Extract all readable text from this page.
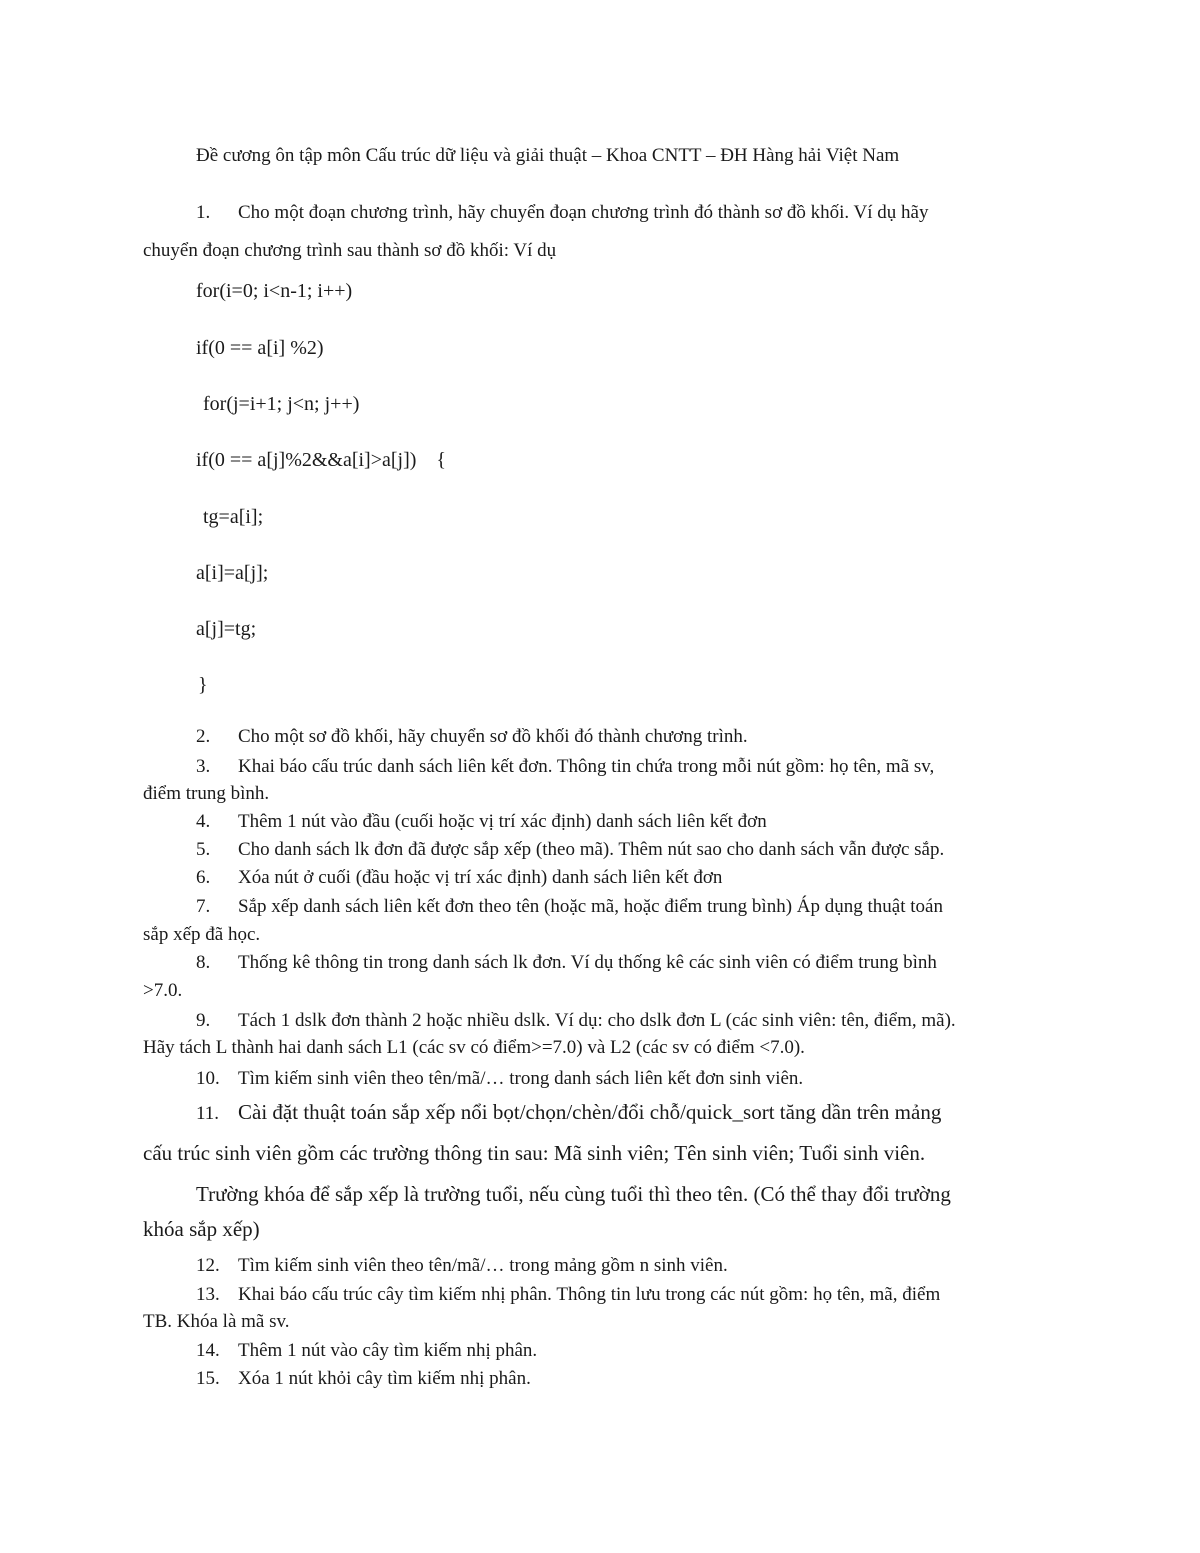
Đề cương ôn tập môn Cấu trúc dữ liệu và giải thuật – Khoa CNTT – ĐH Hàng hải Việt Nam
1. Cho một đoạn chương trình, hãy chuyển đoạn chương trình đó thành sơ đồ khối. Ví dụ hãy
chuyển đoạn chương trình sau thành sơ đồ khối: Ví dụ
for(i=0; i<n-1; i++)
if(0 == a[i] %2)
for(j=i+1; j<n; j++)
if(0 == a[j]%2&&a[i]>a[j])    {
tg=a[i];
a[i]=a[j];
a[j]=tg;
}
2. Cho một sơ đồ khối, hãy chuyển sơ đồ khối đó thành chương trình.
3. Khai báo cấu trúc danh sách liên kết đơn. Thông tin chứa trong mỗi nút gồm: họ tên, mã sv,
điểm trung bình.
4. Thêm 1 nút vào đầu (cuối hoặc vị trí xác định) danh sách liên kết đơn
5. Cho danh sách lk đơn đã được sắp xếp (theo mã). Thêm nút sao cho danh sách vẫn được sắp.
6. Xóa nút ở cuối (đầu hoặc vị trí xác định) danh sách liên kết đơn
7. Sắp xếp danh sách liên kết đơn theo tên (hoặc mã, hoặc điểm trung bình) Áp dụng thuật toán
sắp xếp đã học.
8. Thống kê thông tin trong danh sách lk đơn. Ví dụ thống kê các sinh viên có điểm trung bình
>7.0.
9. Tách 1 dslk đơn thành 2 hoặc nhiều dslk. Ví dụ: cho dslk đơn L (các sinh viên: tên, điểm, mã).
Hãy tách L thành hai danh sách L1 (các sv có điểm>=7.0) và L2 (các sv có điểm <7.0).
10. Tìm kiếm sinh viên theo tên/mã/… trong danh sách liên kết đơn sinh viên.
11. Cài đặt thuật toán sắp xếp nổi bọt/chọn/chèn/đổi chỗ/quick_sort tăng dần trên mảng
cấu trúc sinh viên gồm các trường thông tin sau: Mã sinh viên; Tên sinh viên; Tuổi sinh viên.
Trường khóa để sắp xếp là trường tuổi, nếu cùng tuổi thì theo tên. (Có thể thay đổi trường
khóa sắp xếp)
12. Tìm kiếm sinh viên theo tên/mã/… trong mảng gồm n sinh viên.
13. Khai báo cấu trúc cây tìm kiếm nhị phân. Thông tin lưu trong các nút gồm: họ tên, mã, điểm
TB. Khóa là mã sv.
14. Thêm 1 nút vào cây tìm kiếm nhị phân.
15. Xóa 1 nút khỏi cây tìm kiếm nhị phân.
